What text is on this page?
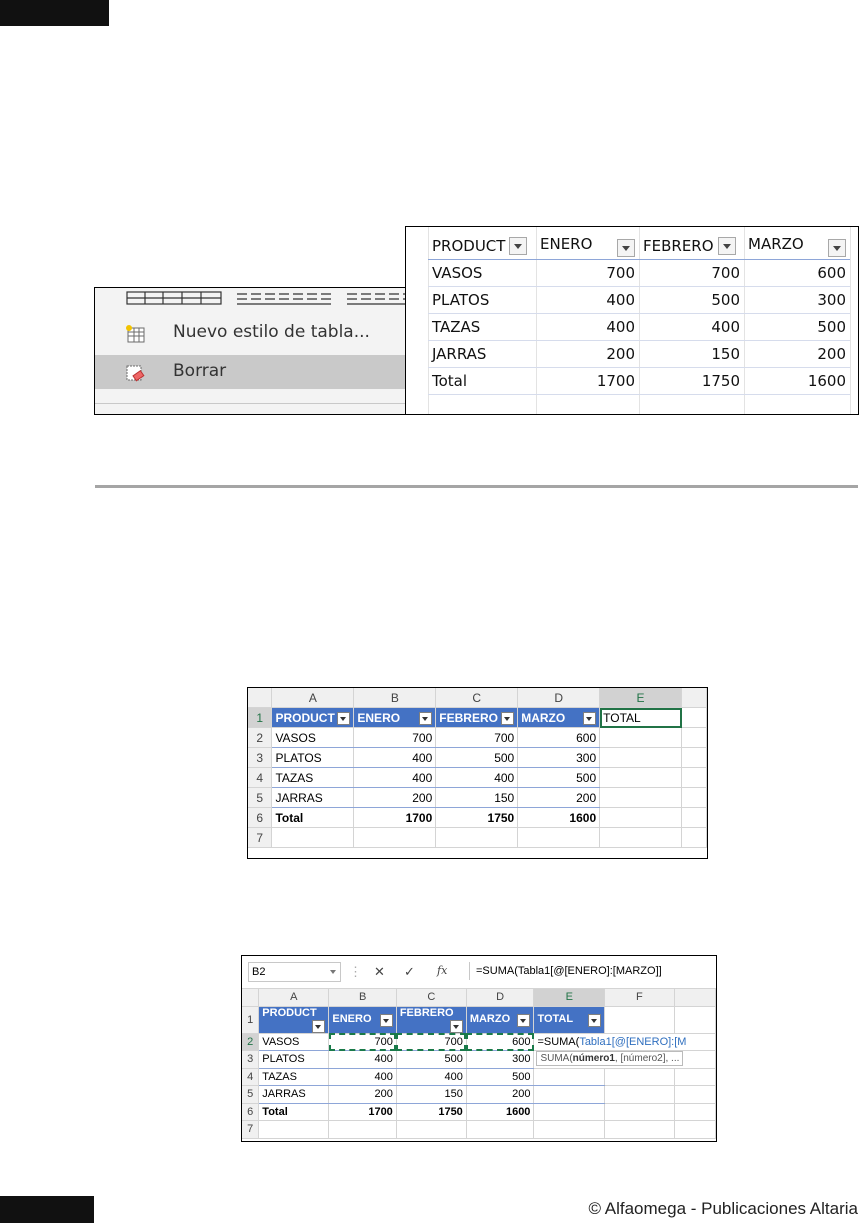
Nuevo estilo de tabla...
Borrar
PRODUCT	ENERO	FEBRERO	MARZO

VASOS	700	700	600
PLATOS	400	500	300
TAZAS	400	400	500
JARRAS	200	150	200
Total	1700	1750	1600

	A	B	C	D	E	
1	PRODUCT	ENERO	FEBRERO	MARZO	TOTAL	
2	VASOS	700	700	600		
3	PLATOS	400	500	300		
4	TAZAS	400	400	500		
5	JARRAS	200	150	200		
6	Total	1700	1750	1600		
7						
B2	⋮ ✕ ✓ fx	=SUMA(Tabla1[@[ENERO]:[MARZO]]
	A	B	C	D	E	F	
1	PRODUCT	ENERO	FEBRERO	MARZO	TOTAL

2	VASOS	700	700	600	=SUMA(Tabla1[@[ENERO]:[M		
3	PLATOS	400	500	300	SUMA(número1, [número2], ...		

4	TAZAS	400	400	500			
5	JARRAS	200	150	200			
6	Total	1700	1750	1600			
7							
© Alfaomega - Publicaciones Altaria
